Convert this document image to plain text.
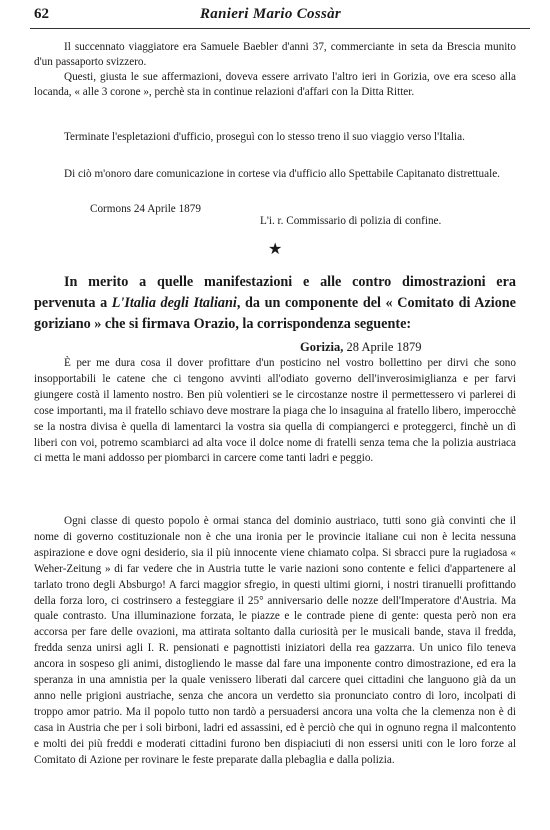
62	Ranieri Mario Cossàr

Il succennato viaggiatore era Samuele Baebler d'anni 37, commerciante in seta da Brescia munito d'un passaporto svizzero.

Questi, giusta le sue affermazioni, doveva essere arrivato l'altro ieri in Gorizia, ove era sceso alla locanda, « alle 3 corone », perchè sta in continue relazioni d'affari con la Ditta Ritter.

Terminate l'espletazioni d'ufficio, proseguì con lo stesso treno il suo viaggio verso l'Italia.

Di ciò m'onoro dare comunicazione in cortese via d'ufficio allo Spettabile Capitanato distrettuale.

Cormons 24 Aprile 1879
L'i. r. Commissario di polizia di confine.
★

In merito a quelle manifestazioni e alle contro dimostrazioni era pervenuta a L'Italia degli Italiani, da un componente del « Comitato di Azione goriziano » che si firmava Orazio, la corrispondenza seguente:

Gorizia, 28 Aprile 1879

È per me dura cosa il dover profittare d'un posticino nel vostro bollettino per dirvi che sono insopportabili le catene che ci tengono avvinti all'odiato governo dell'inverosimiglianza e per farvi giungere costà il lamento nostro. Ben più volentieri se le circostanze nostre il permettessero vi parlerei di cose importanti, ma il fratello schiavo deve mostrare la piaga che lo insaguina al fratello libero, imperocchè se la nostra divisa è quella di lamentarci la vostra sia quella di compiangerci e proteggerci, finchè un dì liberi con voi, potremo scambiarci ad alta voce il dolce nome di fratelli senza tema che la polizia austriaca ci metta le mani addosso per piombarci in carcere come tanti ladri e peggio.

Ogni classe di questo popolo è ormai stanca del dominio austriaco, tutti sono già convinti che il nome di governo costituzionale non è che una ironia per le provincie italiane cui non è lecita nessuna aspirazione e dove ogni desiderio, sia il più innocente viene chiamato colpa. Si sbracci pure la rugiadosa « Weher-Zeitung » di far vedere che in Austria tutte le varie nazioni sono contente e felici d'appartenere al tarlato trono degli Absburgo! A farci maggior sfregio, in questi ultimi giorni, i nostri tiranuelli profittando della forza loro, ci costrinsero a festeggiare il 25° anniversario delle nozze dell'Imperatore d'Austria. Ma quale contrasto. Una illuminazione forzata, le piazze e le contrade piene di gente: questa però non era accorsa per fare delle ovazioni, ma attirata soltanto dalla curiosità per le musicali bande, stava il fredda, fredda senza unirsi agli I. R. pensionati e pagnottisti iniziatori della rea gazzarra. Un unico filo teneva ancora in sospeso gli animi, distogliendo le masse dal fare una imponente contro dimostrazione, ed era la speranza in una amnistia per la quale venissero liberati dal carcere quei cittadini che languono già da un anno nelle prigioni austriache, senza che ancora un verdetto sia pronunciato contro di loro, incolpati di troppo amor patrio. Ma il popolo tutto non tardò a persuadersi ancora una volta che la clemenza non è di casa in Austria che per i soli birboni, ladri ed assassini, ed è perciò che qui in ognuno regna il malcontento e molti dei più freddi e moderati cittadini furono ben dispiaciuti di non essersi uniti con le loro forze al Comitato di Azione per rovinare le feste preparate dalla plebaglia e dalla polizia.
